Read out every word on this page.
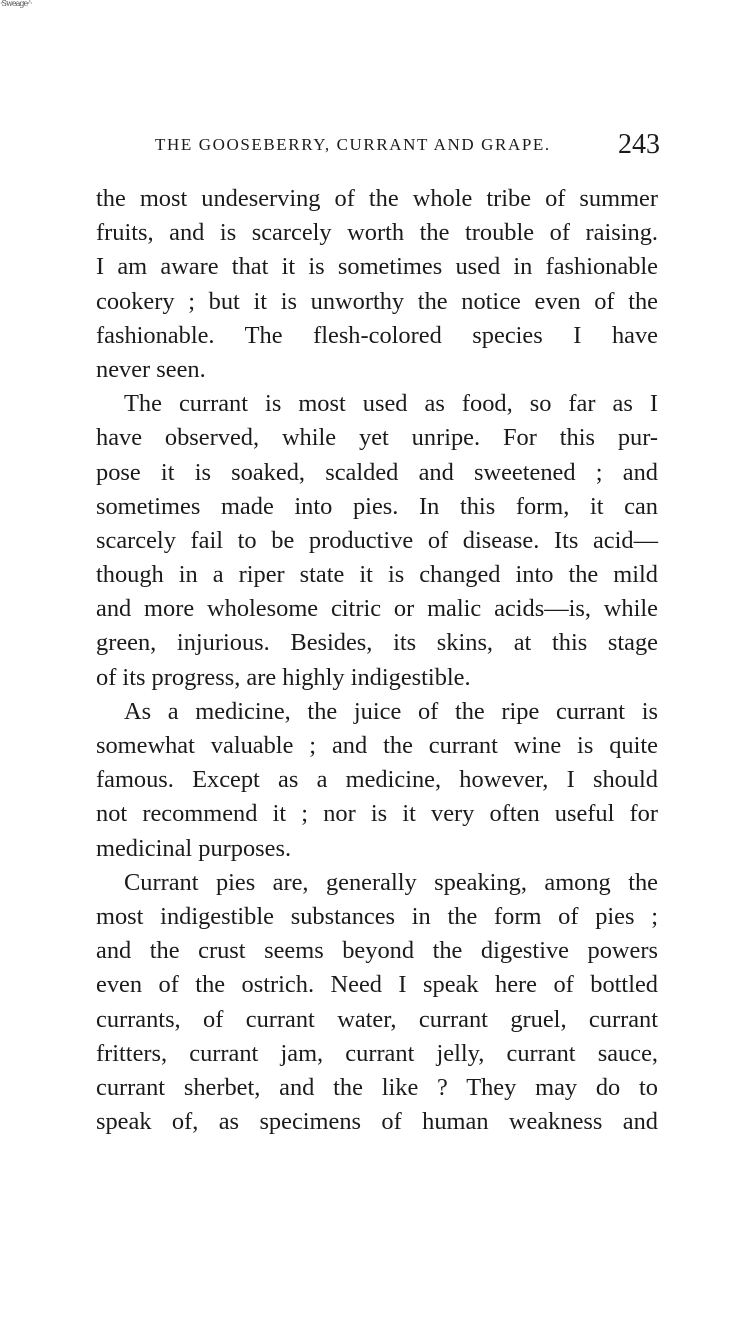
·Sweage·'·
THE GOOSEBERRY, CURRANT AND GRAPE. 243
the most undeserving of the whole tribe of summer
fruits, and is scarcely worth the trouble of raising.
I am aware that it is sometimes used in fashionable
cookery ; but it is unworthy the notice even of the
fashionable. The flesh-colored species I have
never seen.
The currant is most used as food, so far as I
have observed, while yet unripe. For this pur-
pose it is soaked, scalded and sweetened ; and
sometimes made into pies. In this form, it can
scarcely fail to be productive of disease. Its acid—
though in a riper state it is changed into the mild
and more wholesome citric or malic acids—is, while
green, injurious. Besides, its skins, at this stage
of its progress, are highly indigestible.
As a medicine, the juice of the ripe currant is
somewhat valuable ; and the currant wine is quite
famous. Except as a medicine, however, I should
not recommend it ; nor is it very often useful for
medicinal purposes.
Currant pies are, generally speaking, among the
most indigestible substances in the form of pies ;
and the crust seems beyond the digestive powers
even of the ostrich. Need I speak here of bottled
currants, of currant water, currant gruel, currant
fritters, currant jam, currant jelly, currant sauce,
currant sherbet, and the like ? They may do to
speak of, as specimens of human weakness and
